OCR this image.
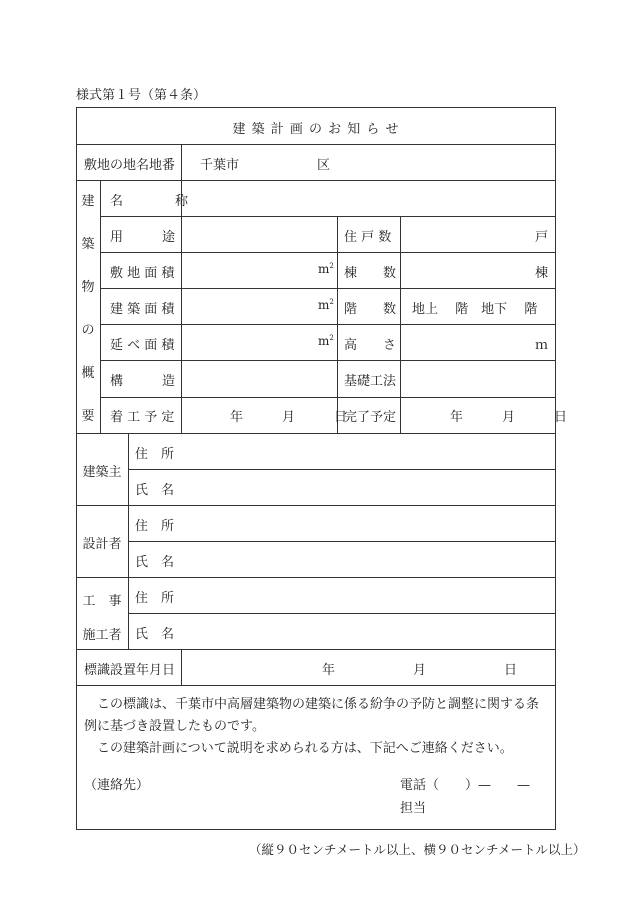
様式第１号（第４条）
建 築 計 画 の お 知 ら せ
敷地の地名地番 千葉市　　　　　　区
建
築
物
の
概
要
名　　　　称
用　　　途
敷 地 面 積
建 築 面 積
延 ベ 面 積
構　　　造
着 工 予 定
$m^2$
$m^2$
$m^2$
年　　　月　　　日
住 戸 数
棟　　数
階　　数
高　　さ
基礎工法
完了予定
戸
棟
地上　 階　地下　 階
ｍ
年　　　月　　　日
建築主
住　所
氏　名
設計者
住　所
氏　名
工　事
施工者
住　所
氏　名
標識設置年月日	年　　　　　　月　　　　　　日

この標識は、千葉市中高層建築物の建築に係る紛争の予防と調整に関する条例に基づき設置したものです。

この建築計画について説明を求められる方は、下記へご連絡ください。

（連絡先）	電話（　　）—　　—
担当
（縦９０センチメートル以上、横９０センチメートル以上）
